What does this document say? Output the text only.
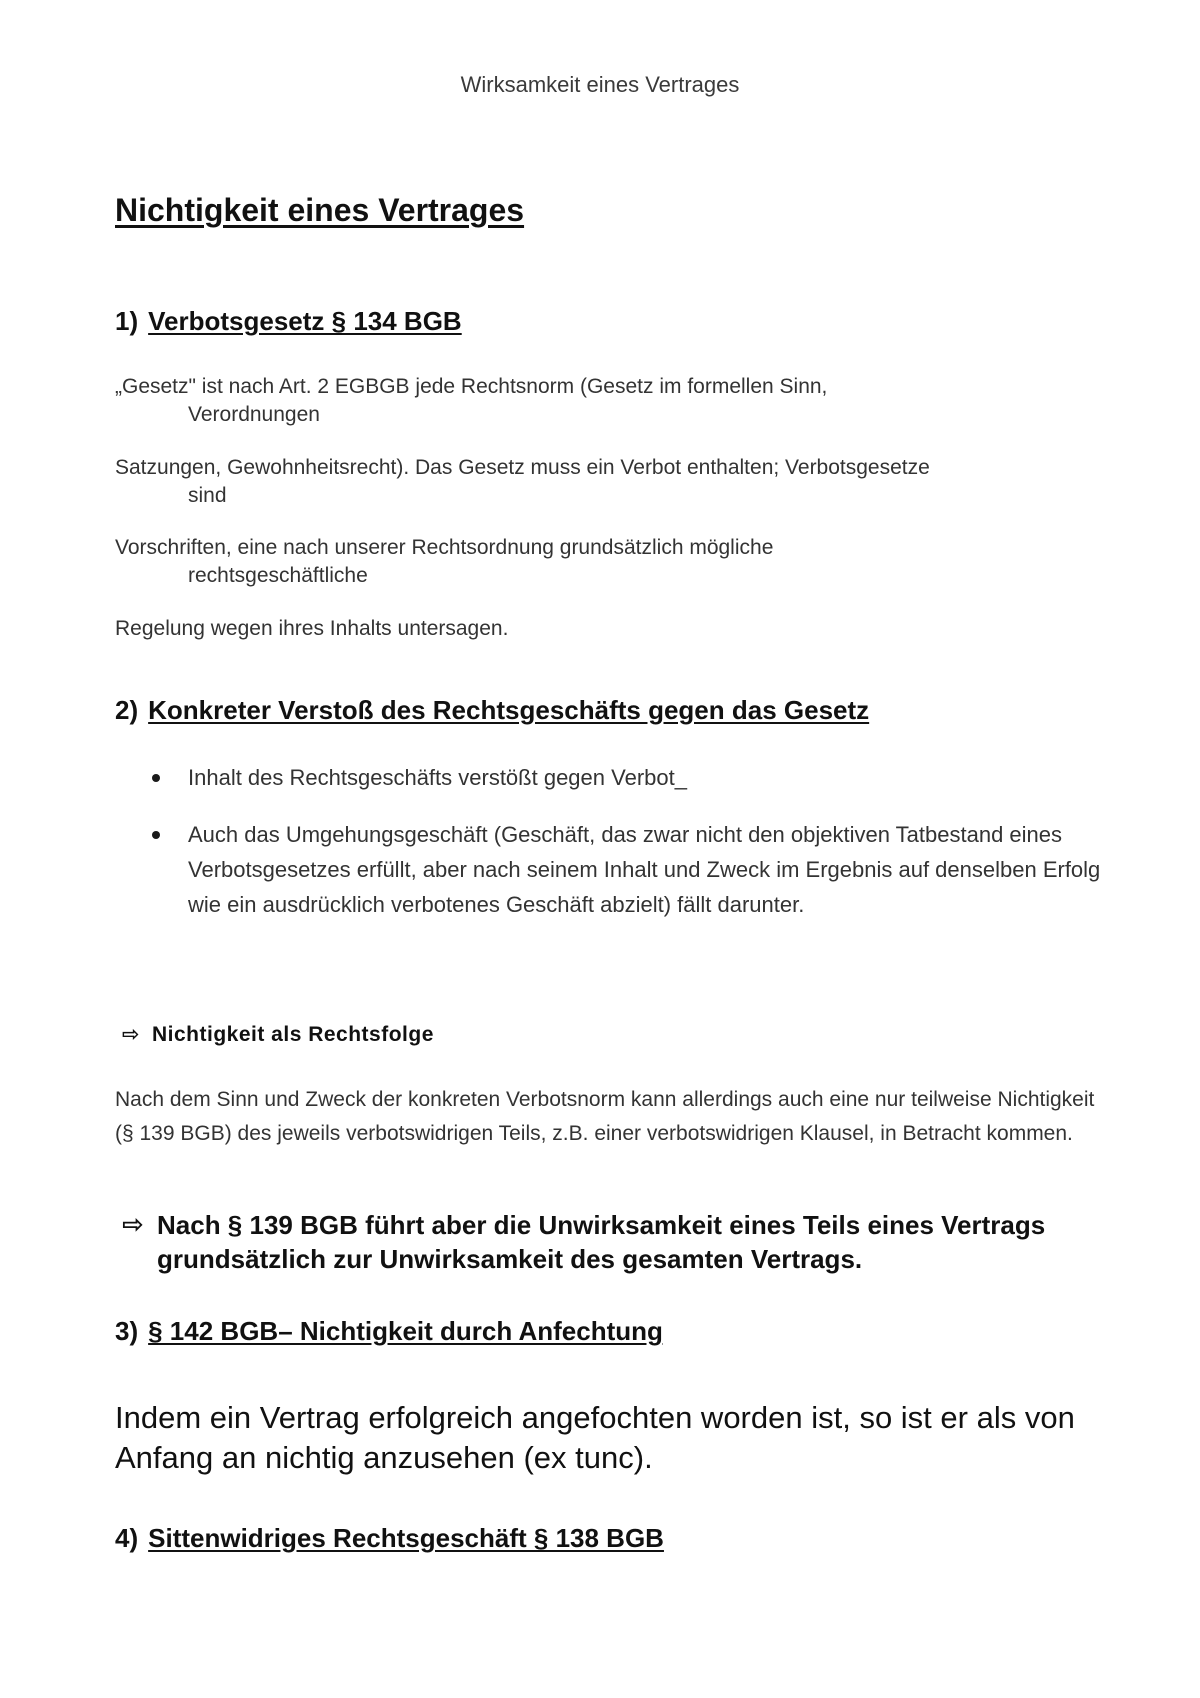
Wirksamkeit eines Vertrages
Nichtigkeit eines Vertrages
1) Verbotsgesetz § 134 BGB
„Gesetz" ist nach Art. 2 EGBGB jede Rechtsnorm (Gesetz im formellen Sinn,
Verordnungen
Satzungen, Gewohnheitsrecht). Das Gesetz muss ein Verbot enthalten; Verbotsgesetze
sind
Vorschriften, eine nach unserer Rechtsordnung grundsätzlich mögliche
rechtsgeschäftliche
Regelung wegen ihres Inhalts untersagen.
2) Konkreter Verstoß des Rechtsgeschäfts gegen das Gesetz
Inhalt des Rechtsgeschäfts verstößt gegen Verbot_
Auch das Umgehungsgeschäft (Geschäft, das zwar nicht den objektiven Tatbestand eines Verbotsgesetzes erfüllt, aber nach seinem Inhalt und Zweck im Ergebnis auf denselben Erfolg wie ein ausdrücklich verbotenes Geschäft abzielt) fällt darunter.
⇨ Nichtigkeit als Rechtsfolge
Nach dem Sinn und Zweck der konkreten Verbotsnorm kann allerdings auch eine nur teilweise Nichtigkeit (§ 139 BGB) des jeweils verbotswidrigen Teils, z.B. einer verbotswidrigen Klausel, in Betracht kommen.
⇨ Nach § 139 BGB führt aber die Unwirksamkeit eines Teils eines Vertrags   grundsätzlich zur Unwirksamkeit des gesamten Vertrags.
3) § 142 BGB– Nichtigkeit durch Anfechtung
Indem ein Vertrag erfolgreich angefochten worden ist, so ist er als von Anfang an nichtig anzusehen (ex tunc).
4) Sittenwidriges Rechtsgeschäft § 138 BGB
